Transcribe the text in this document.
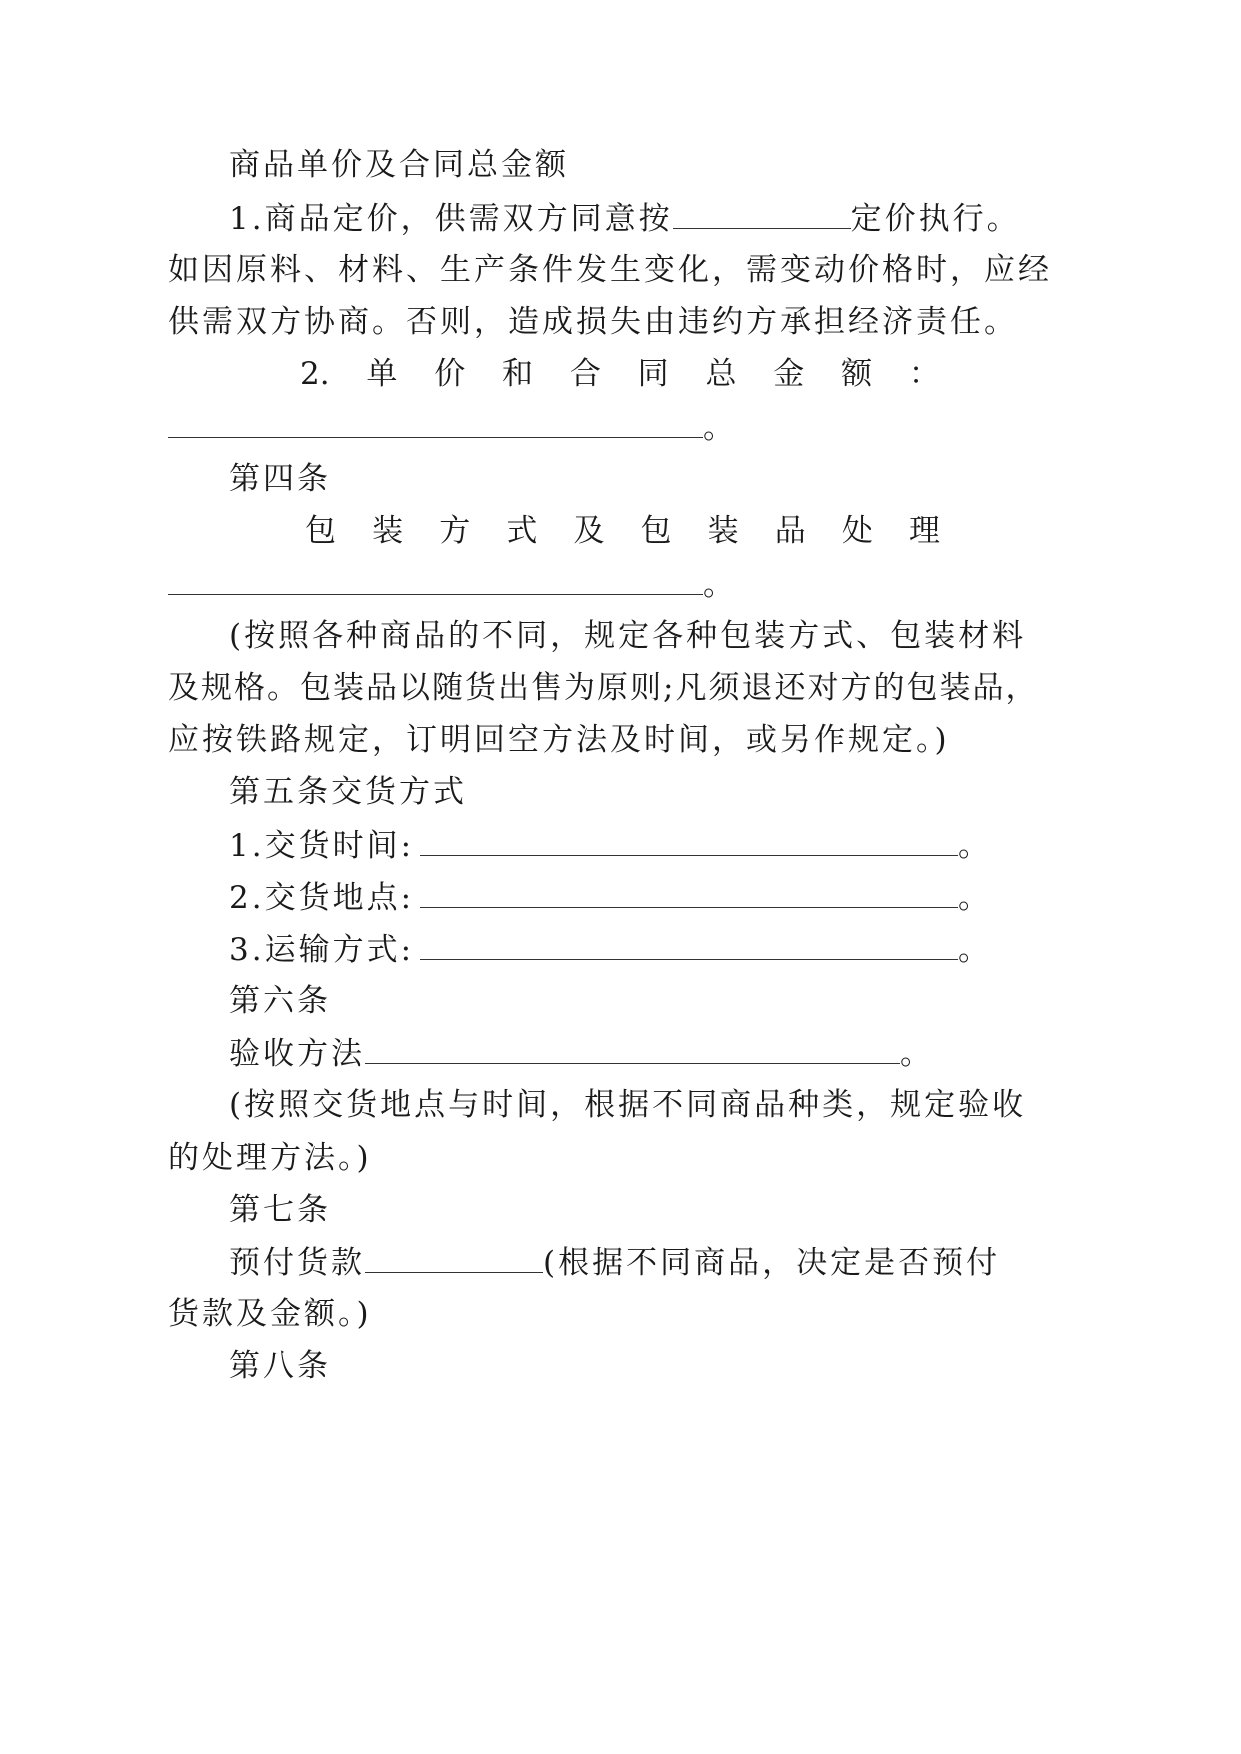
商品单价及合同总金额
1.商品定价，供需双方同意按	定价执行。
如因原料、材料、生产条件发生变化，需变动价格时，应经
供需双方协商。否则，造成损失由违约方承担经济责任。
2. 单 价 和 合 同 总 金 额 ：
。
第四条
包 装 方 式 及 包 装 品 处 理
。
(按照各种商品的不同，规定各种包装方式、包装材料
及规格。包装品以随货出售为原则;凡须退还对方的包装品，
应按铁路规定，订明回空方法及时间，或另作规定。)
第五条交货方式
1.交货时间:	。
2.交货地点:	。
3.运输方式:	。
第六条
验收方法	。
(按照交货地点与时间，根据不同商品种类，规定验收
的处理方法。)
第七条
预付货款	(根据不同商品，决定是否预付
货款及金额。)
第八条
